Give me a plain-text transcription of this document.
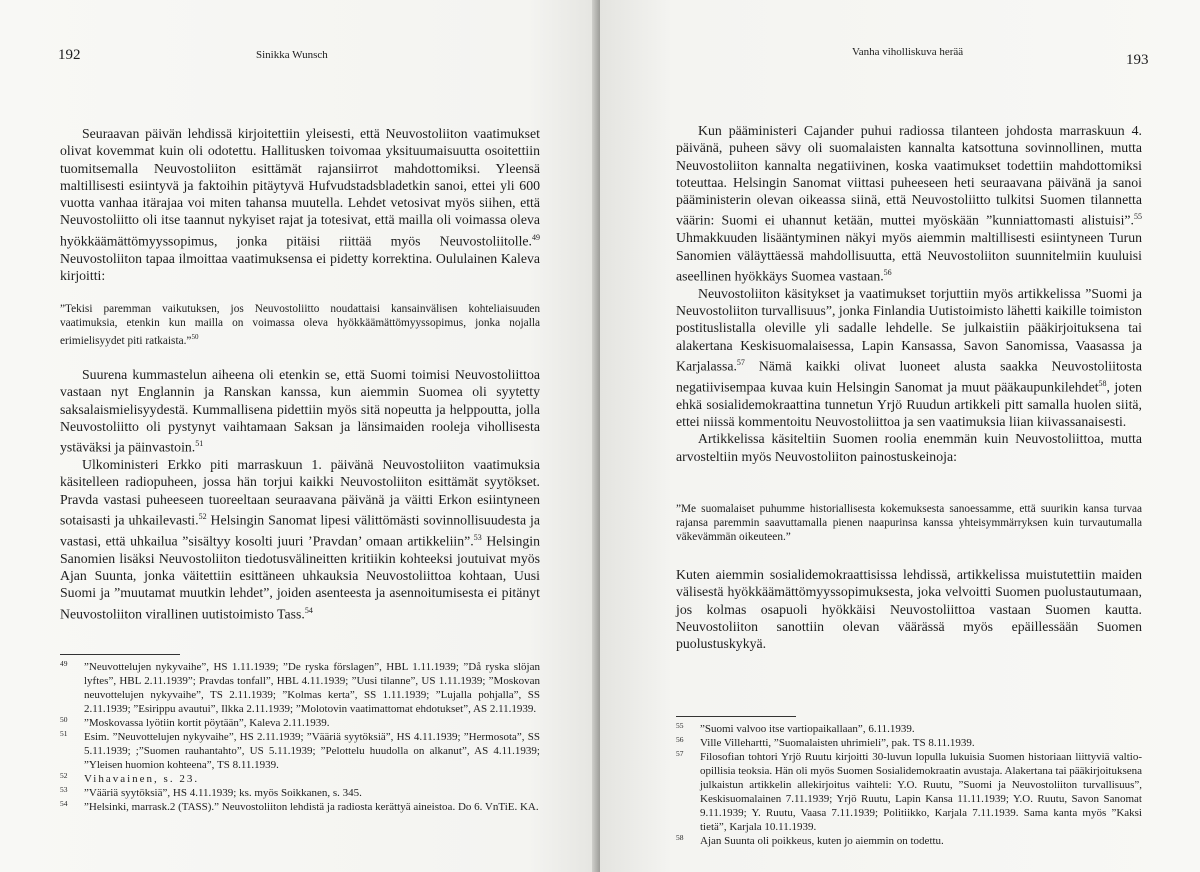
192	Sinikka Wunsch

Seuraavan päivän lehdissä kirjoitettiin yleisesti, että Neuvostoliiton vaatimukset olivat kovemmat kuin oli odotettu. Hallitusken toivomaa yksituumaisuutta osoitettiin tuomitsemalla Neuvostoliiton esittämät rajansiirrot mahdottomiksi. Yleensä maltillisesti esiintyvä ja faktoihin pitäytyvä Hufvudstadsbladetkin sanoi, ettei yli 600 vuotta vanhaa itärajaa voi miten tahansa muutella. Lehdet vetosivat myös siihen, että Neuvostoliitto oli itse taannut nykyiset rajat ja totesivat, että mailla oli voimassa oleva hyökkäämättömyyssopimus, jonka pitäisi riittää myös Neuvostoliitolle.$^{49}$ Neuvostoliiton tapaa ilmoittaa vaatimuksensa ei pidetty korrektina. Oululainen Kaleva kirjoitti:

”Tekisi paremman vaikutuksen, jos Neuvostoliitto noudattaisi kansainvälisen kohteliaisuuden vaatimuksia, etenkin kun mailla on voimassa oleva hyökkäämättömyyssopimus, jonka nojalla erimielisyydet piti ratkaista.”$^{50}$

Suurena kummastelun aiheena oli etenkin se, että Suomi toimisi Neuvostoliittoa vastaan nyt Englannin ja Ranskan kanssa, kun aiemmin Suomea oli syytetty saksalaismielisyydestä. Kummallisena pidettiin myös sitä nopeutta ja helppoutta, jolla Neuvostoliitto oli pystynyt vaihtamaan Saksan ja länsimaiden rooleja vihollisesta ystäväksi ja päinvastoin.$^{51}$

Ulkoministeri Erkko piti marraskuun 1. päivänä Neuvostoliiton vaatimuksia käsitelleen radiopuheen, jossa hän torjui kaikki Neuvostoliiton esittämät syytökset. Pravda vastasi puheeseen tuoreeltaan seuraavana päivänä ja väitti Erkon esiintyneen sotaisasti ja uhkailevasti.$^{52}$ Helsingin Sanomat lipesi välittömästi sovinnollisuudesta ja vastasi, että uhkailua ”sisältyy kosolti juuri ’Pravdan’ omaan artikkeliin”.$^{53}$ Helsingin Sanomien lisäksi Neuvostoliiton tiedotusvälineitten kritiikin kohteeksi joutuivat myös Ajan Suunta, jonka väitettiin esittäneen uhkauksia Neuvostoliittoa kohtaan, Uusi Suomi ja ”muutamat muutkin lehdet”, joiden asenteesta ja asennoitumisesta ei pitänyt Neuvostoliiton virallinen uutistoimisto Tass.$^{54}$

49 ”Neuvottelujen nykyvaihe”, HS 1.11.1939; ”De ryska förslagen”, HBL 1.11.1939; ”Då ryska slöjan lyftes”, HBL 2.11.1939”; Pravdas tonfall”, HBL 4.11.1939; ”Uusi tilanne”, US 1.11.1939; ”Moskovan neuvottelujen nykyvaihe”, TS 2.11.1939; ”Kolmas kerta”, SS 1.11.1939; ”Lujalla pohjalla”, SS 2.11.1939; ”Esirippu avautui”, Ilkka 2.11.1939; ”Molotovin vaatimattomat ehdotukset”, AS 2.11.1939.
50 ”Moskovassa lyötiin kortit pöytään”, Kaleva 2.11.1939.
51 Esim. ”Neuvottelujen nykyvaihe”, HS 2.11.1939; ”Vääriä syytöksiä”, HS 4.11.1939; ”Hermosota”, SS 5.11.1939; ;”Suomen rauhantahto”, US 5.11.1939; ”Pelottelu huudolla on alkanut”, AS 4.11.1939; ”Yleisen huomion kohteena”, TS 8.11.1939.
52 Vihavainen, s. 23.
53 ”Vääriä syytöksiä”, HS 4.11.1939; ks. myös Soikkanen, s. 345.
54 ”Helsinki, marrask.2 (TASS).” Neuvostoliiton lehdistä ja radiosta kerättyä aineistoa. Do 6. VnTiE. KA.
Vanha viholliskuva herää	193

Kun pääministeri Cajander puhui radiossa tilanteen johdosta marraskuun 4. päivänä, puheen sävy oli suomalaisten kannalta katsottuna sovinnollinen, mutta Neuvostoliiton kannalta negatiivinen, koska vaatimukset todettiin mahdottomiksi toteuttaa. Helsingin Sanomat viittasi puheeseen heti seuraavana päivänä ja sanoi pääministerin olevan oikeassa siinä, että Neuvostoliitto tulkitsi Suomen tilannetta väärin: Suomi ei uhannut ketään, muttei myöskään ”kunniattomasti alistuisi”.$^{55}$ Uhmakkuuden lisääntyminen näkyi myös aiemmin maltillisesti esiintyneen Turun Sanomien väläyttäessä mahdollisuutta, että Neuvostoliiton suunnitelmiin kuuluisi aseellinen hyökkäys Suomea vastaan.$^{56}$

Neuvostoliiton käsitykset ja vaatimukset torjuttiin myös artikkelissa ”Suomi ja Neuvostoliiton turvallisuus”, jonka Finlandia Uutistoimisto lähetti kaikille toimiston postituslistalla oleville yli sadalle lehdelle. Se julkaistiin pääkirjoituksena tai alakertana Keskisuomalaisessa, Lapin Kansassa, Savon Sanomissa, Vaasassa ja Karjalassa.$^{57}$ Nämä kaikki olivat luoneet alusta saakka Neuvostoliitosta negatiivisempaa kuvaa kuin Helsingin Sanomat ja muut pääkaupunkilehdet$^{58}$, joten ehkä sosialidemokraattina tunnetun Yrjö Ruudun artikkeli pitt samalla huolen siitä, ettei niissä kommentoitu Neuvostoliittoa ja sen vaatimuksia liian kiivassanaisesti.

Artikkelissa käsiteltiin Suomen roolia enemmän kuin Neuvostoliittoa, mutta arvosteltiin myös Neuvostoliiton painostuskeinoja:

”Me suomalaiset puhumme historiallisesta kokemuksesta sanoessamme, että suurikin kansa turvaa rajansa paremmin saavuttamalla pienen naapurinsa kanssa yhteisymmärryksen kuin turvautumalla väkevämmän oikeuteen.”

Kuten aiemmin sosialidemokraattisissa lehdissä, artikkelissa muistutettiin maiden välisestä hyökkäämättömyyssopimuksesta, joka velvoitti Suomen puolustautumaan, jos kolmas osapuoli hyökkäisi Neuvostoliittoa vastaan Suomen kautta. Neuvostoliiton sanottiin olevan väärässä myös epäillessään Suomen puolustuskykyä.

55 ”Suomi valvoo itse vartiopaikallaan”, 6.11.1939.
56 Ville Villehartti, ”Suomalaisten uhrimieli”, pak. TS 8.11.1939.
57 Filosofian tohtori Yrjö Ruutu kirjoitti 30-luvun lopulla lukuisia Suomen historiaan liittyviä valtio-opillisia teoksia. Hän oli myös Suomen Sosialidemokraatin avustaja. Alakertana tai pääkirjoituksena julkaistun artikkelin allekirjoitus vaihteli: Y.O. Ruutu, ”Suomi ja Neuvostoliiton turvallisuus”, Keskisuomalainen 7.11.1939; Yrjö Ruutu, Lapin Kansa 11.11.1939; Y.O. Ruutu, Savon Sanomat 9.11.1939; Y. Ruutu, Vaasa 7.11.1939; Politiikko, Karjala 7.11.1939. Sama kanta myös ”Kaksi tietä”, Karjala 10.11.1939.
58 Ajan Suunta oli poikkeus, kuten jo aiemmin on todettu.
